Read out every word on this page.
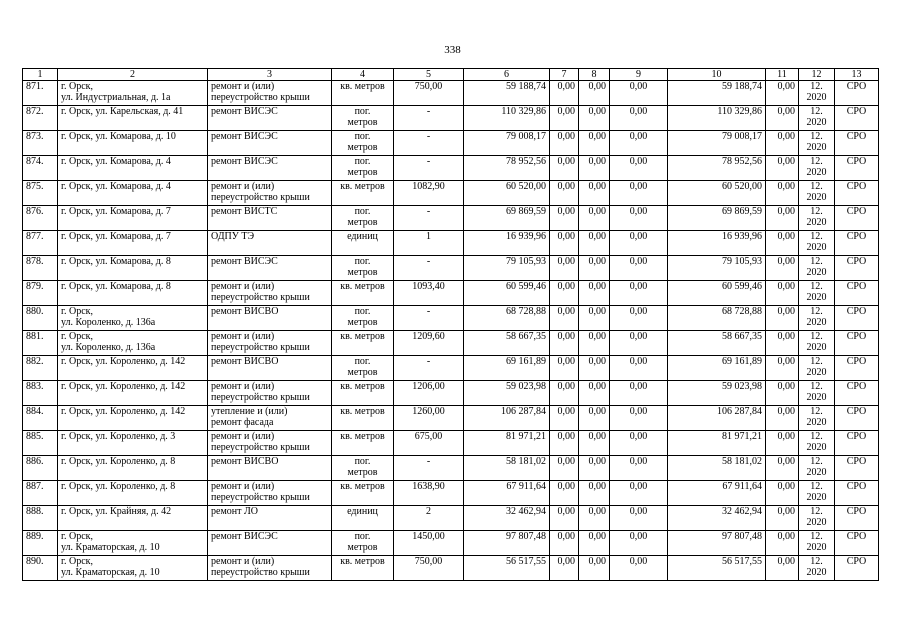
338
1	2	3	4	5	6	7	8	9	10	11	12	13
871.	г. Орск,
ул. Индустриальная, д. 1а	ремонт и (или)
переустройство крыши	кв. метров	750,00	59 188,74	0,00	0,00	0,00	59 188,74	0,00	12.
2020	СРО
872.	г. Орск, ул. Карельская, д. 41	ремонт ВИСЭС	пог.
метров	-	110 329,86	0,00	0,00	0,00	110 329,86	0,00	12.
2020	СРО
873.	г. Орск, ул. Комарова, д. 10	ремонт ВИСЭС	пог.
метров	-	79 008,17	0,00	0,00	0,00	79 008,17	0,00	12.
2020	СРО
874.	г. Орск, ул. Комарова, д. 4	ремонт ВИСЭС	пог.
метров	-	78 952,56	0,00	0,00	0,00	78 952,56	0,00	12.
2020	СРО
875.	г. Орск, ул. Комарова, д. 4	ремонт и (или)
переустройство крыши	кв. метров	1082,90	60 520,00	0,00	0,00	0,00	60 520,00	0,00	12.
2020	СРО
876.	г. Орск, ул. Комарова, д. 7	ремонт ВИСТС	пог.
метров	-	69 869,59	0,00	0,00	0,00	69 869,59	0,00	12.
2020	СРО
877.	г. Орск, ул. Комарова, д. 7	ОДПУ ТЭ	единиц	1	16 939,96	0,00	0,00	0,00	16 939,96	0,00	12.
2020	СРО
878.	г. Орск, ул. Комарова, д. 8	ремонт ВИСЭС	пог.
метров	-	79 105,93	0,00	0,00	0,00	79 105,93	0,00	12.
2020	СРО
879.	г. Орск, ул. Комарова, д. 8	ремонт и (или)
переустройство крыши	кв. метров	1093,40	60 599,46	0,00	0,00	0,00	60 599,46	0,00	12.
2020	СРО
880.	г. Орск,
ул. Короленко, д. 136а	ремонт ВИСВО	пог.
метров	-	68 728,88	0,00	0,00	0,00	68 728,88	0,00	12.
2020	СРО
881.	г. Орск,
ул. Короленко, д. 136а	ремонт и (или)
переустройство крыши	кв. метров	1209,60	58 667,35	0,00	0,00	0,00	58 667,35	0,00	12.
2020	СРО
882.	г. Орск, ул. Короленко, д. 142	ремонт ВИСВО	пог.
метров	-	69 161,89	0,00	0,00	0,00	69 161,89	0,00	12.
2020	СРО
883.	г. Орск, ул. Короленко, д. 142	ремонт и (или)
переустройство крыши	кв. метров	1206,00	59 023,98	0,00	0,00	0,00	59 023,98	0,00	12.
2020	СРО
884.	г. Орск, ул. Короленко, д. 142	утепление и (или)
ремонт фасада	кв. метров	1260,00	106 287,84	0,00	0,00	0,00	106 287,84	0,00	12.
2020	СРО
885.	г. Орск, ул. Короленко, д. 3	ремонт и (или)
переустройство крыши	кв. метров	675,00	81 971,21	0,00	0,00	0,00	81 971,21	0,00	12.
2020	СРО
886.	г. Орск, ул. Короленко, д. 8	ремонт ВИСВО	пог.
метров	-	58 181,02	0,00	0,00	0,00	58 181,02	0,00	12.
2020	СРО
887.	г. Орск, ул. Короленко, д. 8	ремонт и (или)
переустройство крыши	кв. метров	1638,90	67 911,64	0,00	0,00	0,00	67 911,64	0,00	12.
2020	СРО
888.	г. Орск, ул. Крайняя, д. 42	ремонт ЛО	единиц	2	32 462,94	0,00	0,00	0,00	32 462,94	0,00	12.
2020	СРО
889.	г. Орск,
ул. Краматорская, д. 10	ремонт ВИСЭС	пог.
метров	1450,00	97 807,48	0,00	0,00	0,00	97 807,48	0,00	12.
2020	СРО
890.	г. Орск,
ул. Краматорская, д. 10	ремонт и (или)
переустройство крыши	кв. метров	750,00	56 517,55	0,00	0,00	0,00	56 517,55	0,00	12.
2020	СРО
